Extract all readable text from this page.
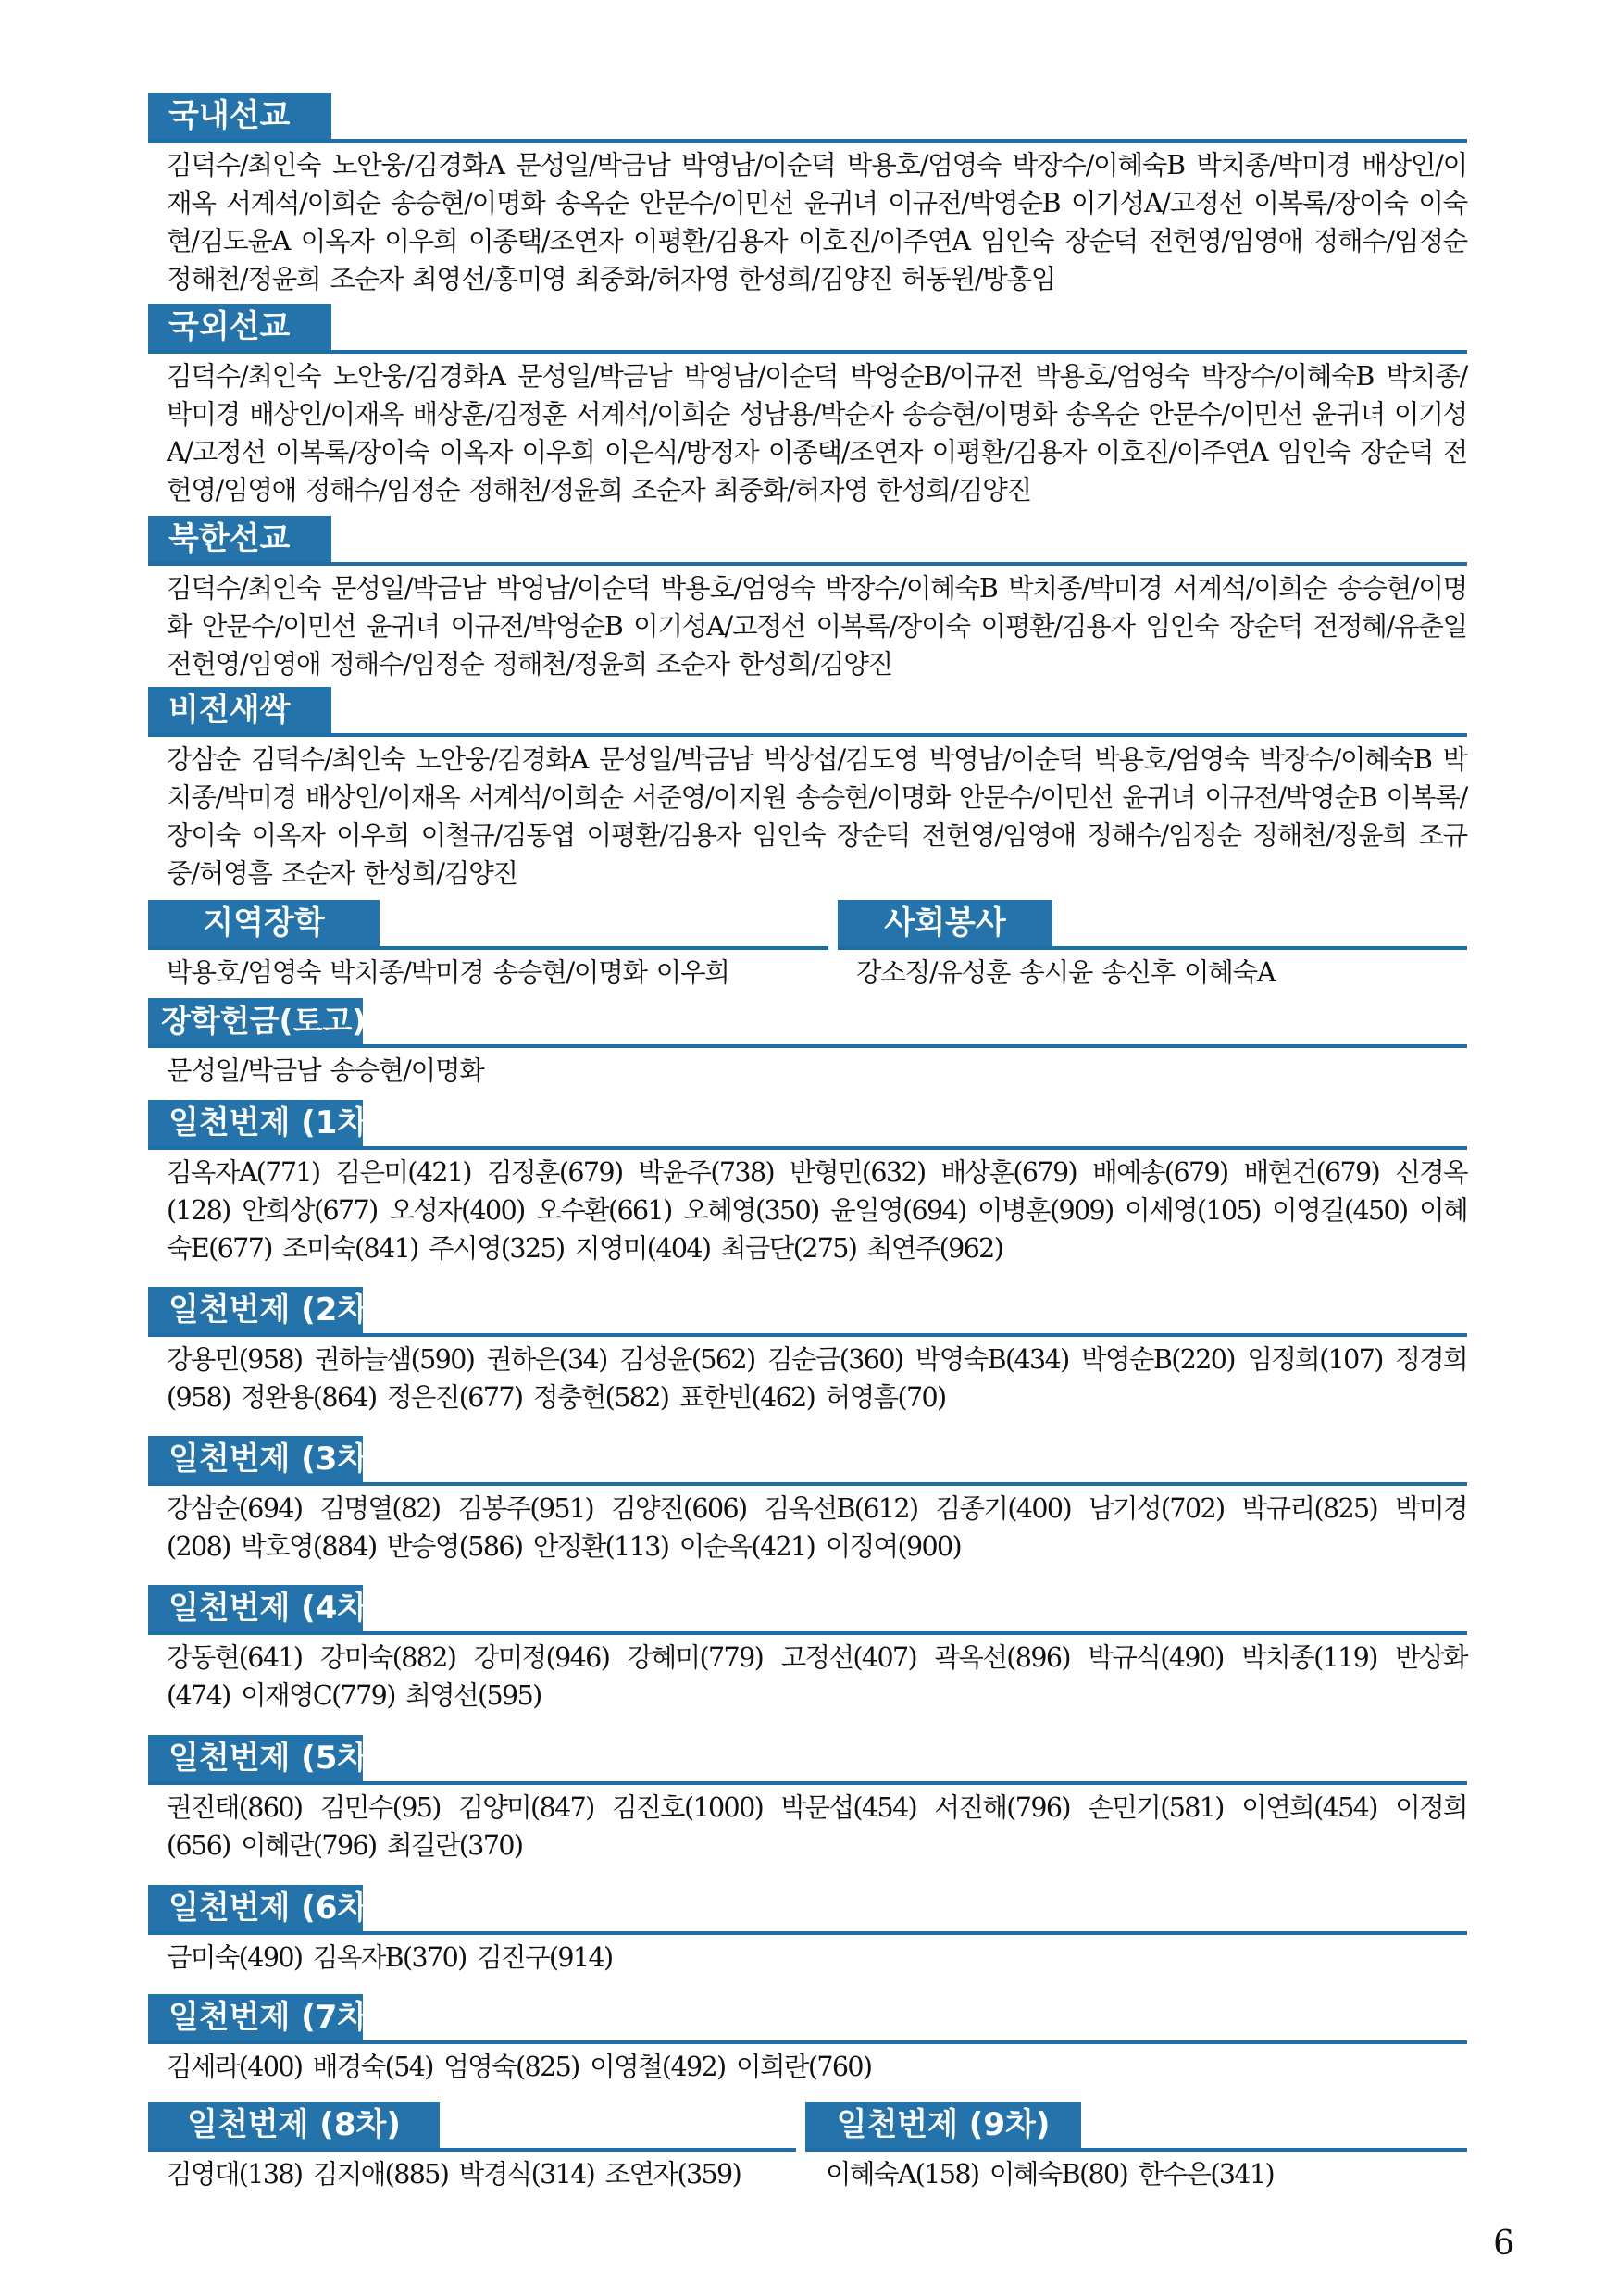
국내선교
김덕수/최인숙 노안웅/김경화A 문성일/박금남 박영남/이순덕 박용호/엄영숙 박장수/이혜숙B 박치종/박미경 배상인/이재옥 서계석/이희순 송승현/이명화 송옥순 안문수/이민선 윤귀녀 이규전/박영순B 이기성A/고정선 이복록/장이숙 이숙현/김도윤A 이옥자 이우희 이종택/조연자 이평환/김용자 이호진/이주연A 임인숙 장순덕 전헌영/임영애 정해수/임정순 정해천/정윤희 조순자 최영선/홍미영 최중화/허자영 한성희/김양진 허동원/방홍임
국외선교
김덕수/최인숙 노안웅/김경화A 문성일/박금남 박영남/이순덕 박영순B/이규전 박용호/엄영숙 박장수/이혜숙B 박치종/박미경 배상인/이재옥 배상훈/김정훈 서계석/이희순 성남용/박순자 송승현/이명화 송옥순 안문수/이민선 윤귀녀 이기성A/고정선 이복록/장이숙 이옥자 이우희 이은식/방정자 이종택/조연자 이평환/김용자 이호진/이주연A 임인숙 장순덕 전헌영/임영애 정해수/임정순 정해천/정윤희 조순자 최중화/허자영 한성희/김양진
북한선교
김덕수/최인숙 문성일/박금남 박영남/이순덕 박용호/엄영숙 박장수/이혜숙B 박치종/박미경 서계석/이희순 송승현/이명화 안문수/이민선 윤귀녀 이규전/박영순B 이기성A/고정선 이복록/장이숙 이평환/김용자 임인숙 장순덕 전정혜/유춘일 전헌영/임영애 정해수/임정순 정해천/정윤희 조순자 한성희/김양진
비전새싹
강삼순 김덕수/최인숙 노안웅/김경화A 문성일/박금남 박상섭/김도영 박영남/이순덕 박용호/엄영숙 박장수/이혜숙B 박치종/박미경 배상인/이재옥 서계석/이희순 서준영/이지원 송승현/이명화 안문수/이민선 윤귀녀 이규전/박영순B 이복록/장이숙 이옥자 이우희 이철규/김동엽 이평환/김용자 임인숙 장순덕 전헌영/임영애 정해수/임정순 정해천/정윤희 조규중/허영흠 조순자 한성희/김양진
지역장학
박용호/엄영숙 박치종/박미경 송승현/이명화 이우희
사회봉사
강소정/유성훈 송시윤 송신후 이혜숙A
장학헌금(토고)
문성일/박금남 송승현/이명화
일천번제 (1차)
김옥자A(771) 김은미(421) 김정훈(679) 박윤주(738) 반형민(632) 배상훈(679) 배예송(679) 배현건(679) 신경옥(128) 안희상(677) 오성자(400) 오수환(661) 오혜영(350) 윤일영(694) 이병훈(909) 이세영(105) 이영길(450) 이혜숙E(677) 조미숙(841) 주시영(325) 지영미(404) 최금단(275) 최연주(962)
일천번제 (2차)
강용민(958) 권하늘샘(590) 권하은(34) 김성윤(562) 김순금(360) 박영숙B(434) 박영순B(220) 임정희(107) 정경희(958) 정완용(864) 정은진(677) 정충헌(582) 표한빈(462) 허영흠(70)
일천번제 (3차)
강삼순(694) 김명열(82) 김봉주(951) 김양진(606) 김옥선B(612) 김종기(400) 남기성(702) 박규리(825) 박미경(208) 박호영(884) 반승영(586) 안정환(113) 이순옥(421) 이정여(900)
일천번제 (4차)
강동현(641) 강미숙(882) 강미정(946) 강혜미(779) 고정선(407) 곽옥선(896) 박규식(490) 박치종(119) 반상화(474) 이재영C(779) 최영선(595)
일천번제 (5차)
권진태(860) 김민수(95) 김양미(847) 김진호(1000) 박문섭(454) 서진해(796) 손민기(581) 이연희(454) 이정희(656) 이혜란(796) 최길란(370)
일천번제 (6차)
금미숙(490) 김옥자B(370) 김진구(914)
일천번제 (7차)
김세라(400) 배경숙(54) 엄영숙(825) 이영철(492) 이희란(760)
일천번제 (8차)
김영대(138) 김지애(885) 박경식(314) 조연자(359)
일천번제 (9차)
이혜숙A(158) 이혜숙B(80) 한수은(341)
6
